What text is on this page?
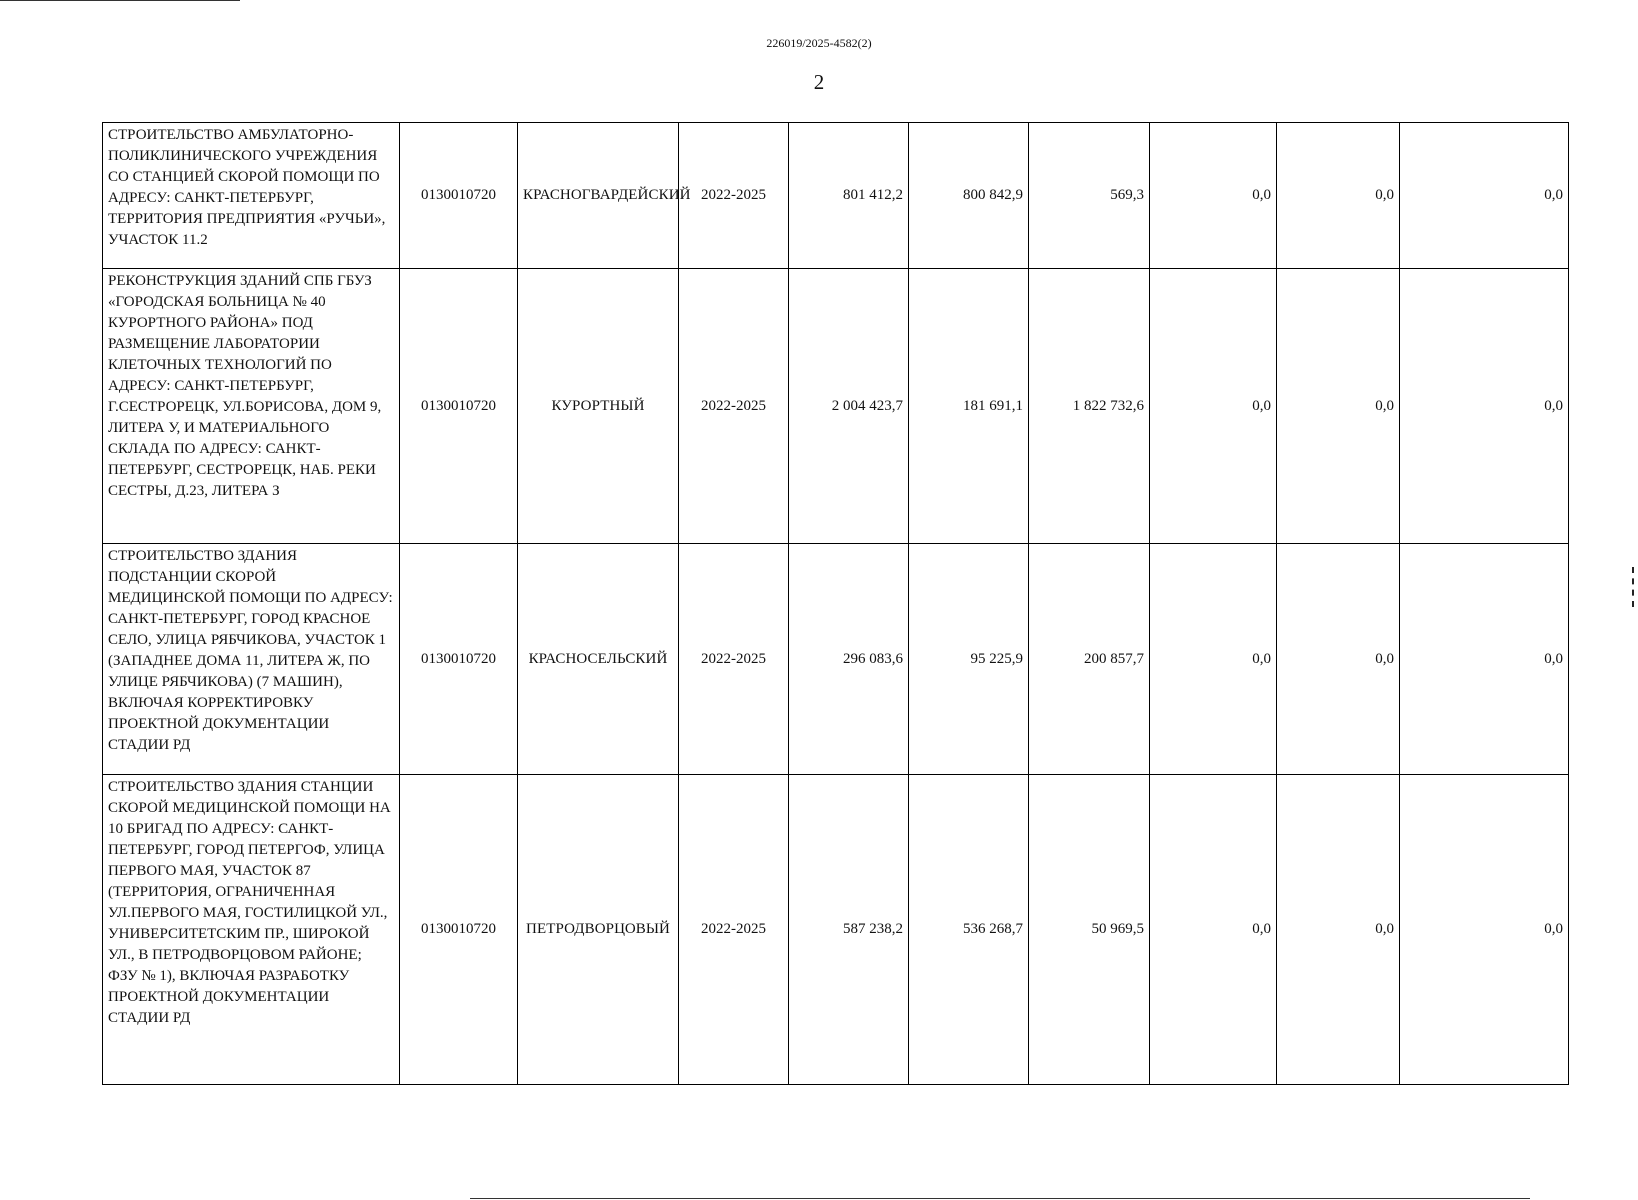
226019/2025-4582(2)
2
СТРОИТЕЛЬСТВО АМБУЛАТОРНО-ПОЛИКЛИНИЧЕСКОГО УЧРЕЖДЕНИЯ СО СТАНЦИЕЙ СКОРОЙ ПОМОЩИ ПО АДРЕСУ: САНКТ-ПЕТЕРБУРГ, ТЕРРИТОРИЯ ПРЕДПРИЯТИЯ «РУЧЬИ», УЧАСТОК 11.2	0130010720	КРАСНОГВАРДЕЙСКИЙ	2022-2025	801 412,2	800 842,9	569,3	0,0	0,0	0,0
РЕКОНСТРУКЦИЯ ЗДАНИЙ СПБ ГБУЗ «ГОРОДСКАЯ БОЛЬНИЦА № 40 КУРОРТНОГО РАЙОНА» ПОД РАЗМЕЩЕНИЕ ЛАБОРАТОРИИ КЛЕТОЧНЫХ ТЕХНОЛОГИЙ ПО АДРЕСУ: САНКТ-ПЕТЕРБУРГ, Г.СЕСТРОРЕЦК, УЛ.БОРИСОВА, ДОМ 9, ЛИТЕРА У, И МАТЕРИАЛЬНОГО СКЛАДА ПО АДРЕСУ: САНКТ-ПЕТЕРБУРГ, СЕСТРОРЕЦК, НАБ. РЕКИ СЕСТРЫ, Д.23, ЛИТЕРА З	0130010720	КУРОРТНЫЙ	2022-2025	2 004 423,7	181 691,1	1 822 732,6	0,0	0,0	0,0
СТРОИТЕЛЬСТВО ЗДАНИЯ ПОДСТАНЦИИ СКОРОЙ МЕДИЦИНСКОЙ ПОМОЩИ ПО АДРЕСУ: САНКТ-ПЕТЕРБУРГ, ГОРОД КРАСНОЕ СЕЛО, УЛИЦА РЯБЧИКОВА, УЧАСТОК 1 (ЗАПАДНЕЕ ДОМА 11, ЛИТЕРА Ж, ПО УЛИЦЕ РЯБЧИКОВА) (7 МАШИН), ВКЛЮЧАЯ КОРРЕКТИРОВКУ ПРОЕКТНОЙ ДОКУМЕНТАЦИИ СТАДИИ РД	0130010720	КРАСНОСЕЛЬСКИЙ	2022-2025	296 083,6	95 225,9	200 857,7	0,0	0,0	0,0
СТРОИТЕЛЬСТВО ЗДАНИЯ СТАНЦИИ СКОРОЙ МЕДИЦИНСКОЙ ПОМОЩИ НА 10 БРИГАД ПО АДРЕСУ: САНКТ-ПЕТЕРБУРГ, ГОРОД ПЕТЕРГОФ, УЛИЦА ПЕРВОГО МАЯ, УЧАСТОК 87 (ТЕРРИТОРИЯ, ОГРАНИЧЕННАЯ УЛ.ПЕРВОГО МАЯ, ГОСТИЛИЦКОЙ УЛ., УНИВЕРСИТЕТСКИМ ПР., ШИРОКОЙ УЛ., В ПЕТРОДВОРЦОВОМ РАЙОНЕ; ФЗУ № 1), ВКЛЮЧАЯ РАЗРАБОТКУ ПРОЕКТНОЙ ДОКУМЕНТАЦИИ СТАДИИ РД	0130010720	ПЕТРОДВОРЦОВЫЙ	2022-2025	587 238,2	536 268,7	50 969,5	0,0	0,0	0,0
